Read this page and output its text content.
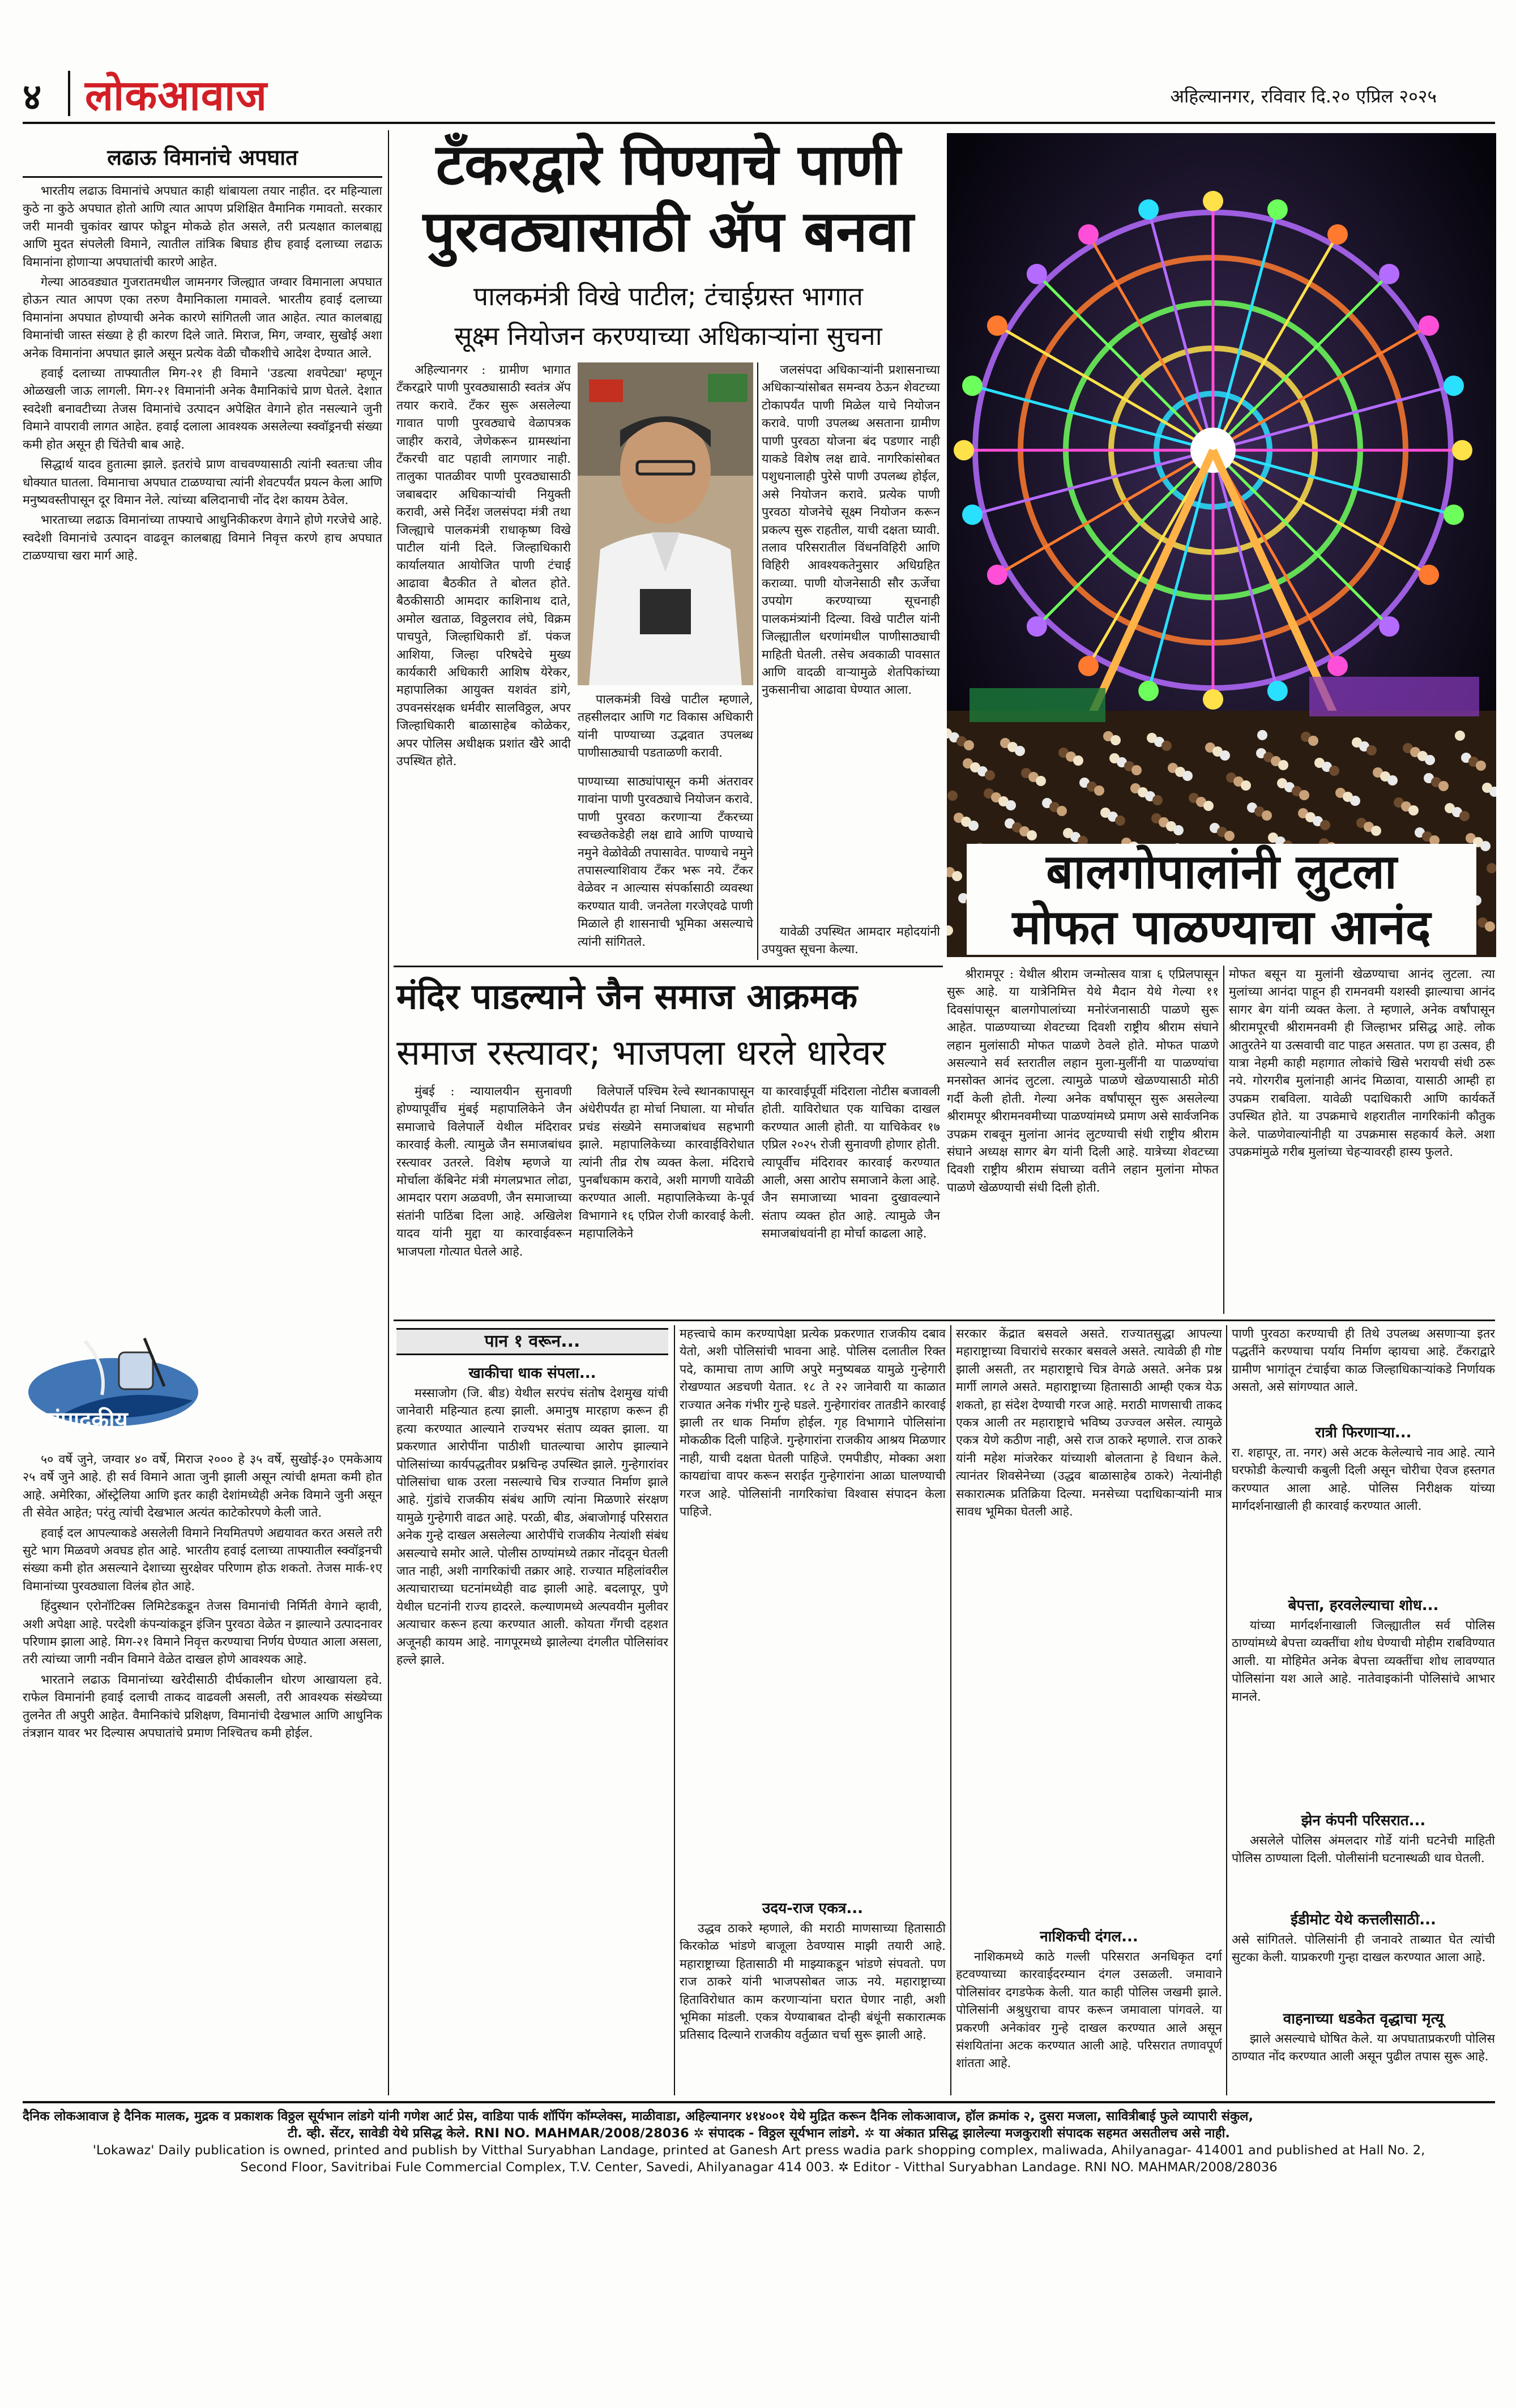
४ लोकआवाज	अहिल्यानगर, रविवार दि.२० एप्रिल २०२५
लढाऊ विमानांचे अपघात

भारतीय लढाऊ विमानांचे अपघात काही थांबायला तयार नाहीत. दर महिन्याला कुठे ना कुठे अपघात होतो आणि त्यात आपण प्रशिक्षित वैमानिक गमावतो. सरकार जरी मानवी चुकांवर खापर फोडून मोकळे होत असले, तरी प्रत्यक्षात कालबाह्य आणि मुदत संपलेली विमाने, त्यातील तांत्रिक बिघाड हीच हवाई दलाच्या लढाऊ विमानांना होणाऱ्या अपघातांची कारणे आहेत.

गेल्या आठवड्यात गुजरातमधील जामनगर जिल्ह्यात जग्वार विमानाला अपघात होऊन त्यात आपण एका तरुण वैमानिकाला गमावले. भारतीय हवाई दलाच्या विमानांना अपघात होण्याची अनेक कारणे सांगितली जात आहेत. त्यात कालबाह्य विमानांची जास्त संख्या हे ही कारण दिले जाते. मिराज, मिग, जग्वार, सुखोई अशा अनेक विमानांना अपघात झाले असून प्रत्येक वेळी चौकशीचे आदेश देण्यात आले.

हवाई दलाच्या ताफ्यातील मिग-२१ ही विमाने 'उडत्या शवपेट्या' म्हणून ओळखली जाऊ लागली. मिग-२१ विमानांनी अनेक वैमानिकांचे प्राण घेतले. देशात स्वदेशी बनावटीच्या तेजस विमानांचे उत्पादन अपेक्षित वेगाने होत नसल्याने जुनी विमाने वापरावी लागत आहेत. हवाई दलाला आवश्यक असलेल्या स्क्वॉड्रनची संख्या कमी होत असून ही चिंतेची बाब आहे.

सिद्धार्थ यादव हुतात्मा झाले. इतरांचे प्राण वाचवण्यासाठी त्यांनी स्वतःचा जीव धोक्यात घातला. विमानाचा अपघात टाळण्याचा त्यांनी शेवटपर्यंत प्रयत्न केला आणि मनुष्यवस्तीपासून दूर विमान नेले. त्यांच्या बलिदानाची नोंद देश कायम ठेवेल.

भारताच्या लढाऊ विमानांच्या ताफ्याचे आधुनिकीकरण वेगाने होणे गरजेचे आहे. स्वदेशी विमानांचे उत्पादन वाढवून कालबाह्य विमाने निवृत्त करणे हाच अपघात टाळण्याचा खरा मार्ग आहे.

संपादकीय

५० वर्षे जुने, जग्वार ४० वर्षे, मिराज २००० हे ३५ वर्षे, सुखोई-३० एमकेआय २५ वर्षे जुने आहे. ही सर्व विमाने आता जुनी झाली असून त्यांची क्षमता कमी होत आहे. अमेरिका, ऑस्ट्रेलिया आणि इतर काही देशांमध्येही अनेक विमाने जुनी असून ती सेवेत आहेत; परंतु त्यांची देखभाल अत्यंत काटेकोरपणे केली जाते.

हवाई दल आपल्याकडे असलेली विमाने नियमितपणे अद्ययावत करत असले तरी सुटे भाग मिळवणे अवघड होत आहे. भारतीय हवाई दलाच्या ताफ्यातील स्क्वॉड्रनची संख्या कमी होत असल्याने देशाच्या सुरक्षेवर परिणाम होऊ शकतो. तेजस मार्क-१ए विमानांच्या पुरवठ्याला विलंब होत आहे.

हिंदुस्थान एरोनॉटिक्स लिमिटेडकडून तेजस विमानांची निर्मिती वेगाने व्हावी, अशी अपेक्षा आहे. परदेशी कंपन्यांकडून इंजिन पुरवठा वेळेत न झाल्याने उत्पादनावर परिणाम झाला आहे. मिग-२१ विमाने निवृत्त करण्याचा निर्णय घेण्यात आला असला, तरी त्यांच्या जागी नवीन विमाने वेळेत दाखल होणे आवश्यक आहे.

भारताने लढाऊ विमानांच्या खरेदीसाठी दीर्घकालीन धोरण आखायला हवे. राफेल विमानांनी हवाई दलाची ताकद वाढवली असली, तरी आवश्यक संख्येच्या तुलनेत ती अपुरी आहेत. वैमानिकांचे प्रशिक्षण, विमानांची देखभाल आणि आधुनिक तंत्रज्ञान यावर भर दिल्यास अपघातांचे प्रमाण निश्चितच कमी होईल.

टँकरद्वारे पिण्याचे पाणी
पुरवठ्यासाठी ॲप बनवा
पालकमंत्री विखे पाटील; टंचाईग्रस्त भागात
सूक्ष्म नियोजन करण्याच्या अधिकाऱ्यांना सुचना
अहिल्यानगर : ग्रामीण भागात टँकरद्वारे पाणी पुरवठ्यासाठी स्वतंत्र ॲप तयार करावे. टँकर सुरू असलेल्या गावात पाणी पुरवठ्याचे वेळापत्रक जाहीर करावे, जेणेकरून ग्रामस्थांना टँकरची वाट पहावी लागणार नाही. तालुका पातळीवर पाणी पुरवठ्यासाठी जबाबदार अधिकाऱ्यांची नियुक्ती करावी, असे निर्देश जलसंपदा मंत्री तथा जिल्ह्याचे पालकमंत्री राधाकृष्ण विखे पाटील यांनी दिले. जिल्हाधिकारी कार्यालयात आयोजित पाणी टंचाई आढावा बैठकीत ते बोलत होते. बैठकीसाठी आमदार काशिनाथ दाते, अमोल खताळ, विठ्ठलराव लंघे, विक्रम पाचपुते, जिल्हाधिकारी डॉ. पंकज आशिया, जिल्हा परिषदेचे मुख्य कार्यकारी अधिकारी आशिष येरेकर, महापालिका आयुक्त यशवंत डांगे, उपवनसंरक्षक धर्मवीर सालविठ्ठल, अपर जिल्हाधिकारी बाळासाहेब कोळेकर, अपर पोलिस अधीक्षक प्रशांत खैरे आदी उपस्थित होते.
पालकमंत्री विखे पाटील म्हणाले, तहसीलदार आणि गट विकास अधिकारी यांनी पाण्याच्या उद्भवात उपलब्ध पाणीसाठ्याची पडताळणी करावी.
पाण्याच्या साठ्यांपासून कमी अंतरावर गावांना पाणी पुरवठ्याचे नियोजन करावे. पाणी पुरवठा करणाऱ्या टँकरच्या स्वच्छतेकडेही लक्ष द्यावे आणि पाण्याचे नमुने वेळोवेळी तपासावेत. पाण्याचे नमुने तपासल्याशिवाय टँकर भरू नये. टँकर वेळेवर न आल्यास संपर्कासाठी व्यवस्था करण्यात यावी. जनतेला गरजेएवढे पाणी मिळाले ही शासनाची भूमिका असल्याचे त्यांनी सांगितले.
जलसंपदा अधिकाऱ्यांनी प्रशासनाच्या अधिकाऱ्यांसोबत समन्वय ठेऊन शेवटच्या टोकापर्यंत पाणी मिळेल याचे नियोजन करावे. पाणी उपलब्ध असताना ग्रामीण पाणी पुरवठा योजना बंद पडणार नाही याकडे विशेष लक्ष द्यावे. नागरिकांसोबत पशुधनालाही पुरेसे पाणी उपलब्ध होईल, असे नियोजन करावे. प्रत्येक पाणी पुरवठा योजनेचे सूक्ष्म नियोजन करून प्रकल्प सुरू राहतील, याची दक्षता घ्यावी. तलाव परिसरातील विंधनविहिरी आणि विहिरी आवश्यकतेनुसार अधिग्रहित कराव्या. पाणी योजनेसाठी सौर ऊर्जेचा उपयोग करण्याच्या सूचनाही पालकमंत्र्यांनी दिल्या. विखे पाटील यांनी जिल्ह्यातील धरणांमधील पाणीसाठ्याची माहिती घेतली. तसेच अवकाळी पावसात आणि वादळी वाऱ्यामुळे शेतपिकांच्या नुकसानीचा आढावा घेण्यात आला.
यावेळी उपस्थित आमदार महोदयांनी उपयुक्त सूचना केल्या.
बालगोपालांनी लुटला
मोफत पाळण्याचा आनंद
मंदिर पाडल्याने जैन समाज आक्रमक
समाज रस्त्यावर; भाजपला धरले धारेवर
मुंबई : न्यायालयीन सुनावणी होण्यापूर्वीच मुंबई महापालिकेने जैन समाजाचे विलेपार्ले येथील मंदिरावर कारवाई केली. त्यामुळे जैन समाजबांधव रस्त्यावर उतरले. विशेष म्हणजे या मोर्चाला कॅबिनेट मंत्री मंगलप्रभात लोढा, आमदार पराग अळवणी, जैन समाजाच्या संतांनी पाठिंबा दिला आहे. अखिलेश यादव यांनी मुद्दा या कारवाईवरून भाजपला गोत्यात घेतले आहे.
विलेपार्ले पश्चिम रेल्वे स्थानकापासून अंधेरीपर्यंत हा मोर्चा निघाला. या मोर्चात प्रचंड संख्येने समाजबांधव सहभागी झाले. महापालिकेच्या कारवाईविरोधात त्यांनी तीव्र रोष व्यक्त केला. मंदिराचे पुनर्बांधकाम करावे, अशी मागणी यावेळी करण्यात आली. महापालिकेच्या के-पूर्व विभागाने १६ एप्रिल रोजी कारवाई केली. महापालिकेने
या कारवाईपूर्वी मंदिराला नोटीस बजावली होती. याविरोधात एक याचिका दाखल करण्यात आली होती. या याचिकेवर १७ एप्रिल २०२५ रोजी सुनावणी होणार होती. त्यापूर्वीच मंदिरावर कारवाई करण्यात आली, असा आरोप समाजाने केला आहे. जैन समाजाच्या भावना दुखावल्याने संताप व्यक्त होत आहे. त्यामुळे जैन समाजबांधवांनी हा मोर्चा काढला आहे.
श्रीरामपूर : येथील श्रीराम जन्मोत्सव यात्रा ६ एप्रिलपासून सुरू आहे. या यात्रेनिमित्त येथे मैदान येथे गेल्या ११ दिवसांपासून बालगोपालांच्या मनोरंजनासाठी पाळणे सुरू आहेत. पाळण्याच्या शेवटच्या दिवशी राष्ट्रीय श्रीराम संघाने लहान मुलांसाठी मोफत पाळणे ठेवले होते. मोफत पाळणे असल्याने सर्व स्तरातील लहान मुला-मुलींनी या पाळण्यांचा मनसोक्त आनंद लुटला. त्यामुळे पाळणे खेळण्यासाठी मोठी गर्दी केली होती. गेल्या अनेक वर्षांपासून सुरू असलेल्या श्रीरामपूर श्रीरामनवमीच्या पाळण्यांमध्ये प्रमाण असे सार्वजनिक उपक्रम राबवून मुलांना आनंद लुटण्याची संधी राष्ट्रीय श्रीराम संघाने अध्यक्ष सागर बेग यांनी दिली आहे. यात्रेच्या शेवटच्या दिवशी राष्ट्रीय श्रीराम संघाच्या वतीने लहान मुलांना मोफत पाळणे खेळण्याची संधी दिली होती.
मोफत बसून या मुलांनी खेळण्याचा आनंद लुटला. त्या मुलांच्या आनंदा पाहून ही रामनवमी यशस्वी झाल्याचा आनंद सागर बेग यांनी व्यक्त केला. ते म्हणाले, अनेक वर्षांपासून श्रीरामपूरची श्रीरामनवमी ही जिल्हाभर प्रसिद्ध आहे. लोक आतुरतेने या उत्सवाची वाट पाहत असतात. पण हा उत्सव, ही यात्रा नेहमी काही महागात लोकांचे खिसे भरायची संधी ठरू नये. गोरगरीब मुलांनाही आनंद मिळावा, यासाठी आम्ही हा उपक्रम राबविला. यावेळी पदाधिकारी आणि कार्यकर्ते उपस्थित होते. या उपक्रमाचे शहरातील नागरिकांनी कौतुक केले. पाळणेवाल्यांनीही या उपक्रमास सहकार्य केले. अशा उपक्रमांमुळे गरीब मुलांच्या चेहऱ्यावरही हास्य फुलते.
पान १ वरून...
खाकीचा धाक संपला...
मस्साजोग (जि. बीड) येथील सरपंच संतोष देशमुख यांची जानेवारी महिन्यात हत्या झाली. अमानुष मारहाण करून ही हत्या करण्यात आल्याने राज्यभर संताप व्यक्त झाला. या प्रकरणात आरोपींना पाठीशी घातल्याचा आरोप झाल्याने पोलिसांच्या कार्यपद्धतीवर प्रश्नचिन्ह उपस्थित झाले. गुन्हेगारांवर पोलिसांचा धाक उरला नसल्याचे चित्र राज्यात निर्माण झाले आहे. गुंडांचे राजकीय संबंध आणि त्यांना मिळणारे संरक्षण यामुळे गुन्हेगारी वाढत आहे. परळी, बीड, अंबाजोगाई परिसरात अनेक गुन्हे दाखल असलेल्या आरोपींचे राजकीय नेत्यांशी संबंध असल्याचे समोर आले. पोलीस ठाण्यांमध्ये तक्रार नोंदवून घेतली जात नाही, अशी नागरिकांची तक्रार आहे. राज्यात महिलांवरील अत्याचाराच्या घटनांमध्येही वाढ झाली आहे. बदलापूर, पुणे येथील घटनांनी राज्य हादरले. कल्याणमध्ये अल्पवयीन मुलीवर अत्याचार करून हत्या करण्यात आली. कोयता गँगची दहशत अजूनही कायम आहे. नागपूरमध्ये झालेल्या दंगलीत पोलिसांवर हल्ले झाले.
महत्त्वाचे काम करण्यापेक्षा प्रत्येक प्रकरणात राजकीय दबाव येतो, अशी पोलिसांची भावना आहे. पोलिस दलातील रिक्त पदे, कामाचा ताण आणि अपुरे मनुष्यबळ यामुळे गुन्हेगारी रोखण्यात अडचणी येतात. १८ ते २२ जानेवारी या काळात राज्यात अनेक गंभीर गुन्हे घडले. गुन्हेगारांवर तातडीने कारवाई झाली तर धाक निर्माण होईल. गृह विभागाने पोलिसांना मोकळीक दिली पाहिजे. गुन्हेगारांना राजकीय आश्रय मिळणार नाही, याची दक्षता घेतली पाहिजे. एमपीडीए, मोक्का अशा कायद्यांचा वापर करून सराईत गुन्हेगारांना आळा घालण्याची गरज आहे. पोलिसांनी नागरिकांचा विश्वास संपादन केला पाहिजे.
उदय-राज एकत्र...
उद्धव ठाकरे म्हणाले, की मराठी माणसाच्या हितासाठी किरकोळ भांडणे बाजूला ठेवण्यास माझी तयारी आहे. महाराष्ट्राच्या हितासाठी मी माझ्याकडून भांडणे संपवतो. पण राज ठाकरे यांनी भाजपसोबत जाऊ नये. महाराष्ट्राच्या हिताविरोधात काम करणाऱ्यांना घरात घेणार नाही, अशी भूमिका मांडली. एकत्र येण्याबाबत दोन्ही बंधूंनी सकारात्मक प्रतिसाद दिल्याने राजकीय वर्तुळात चर्चा सुरू झाली आहे.
सरकार केंद्रात बसवले असते. राज्यातसुद्धा आपल्या महाराष्ट्राच्या विचारांचे सरकार बसवले असते. त्यावेळी ही गोष्ट झाली असती, तर महाराष्ट्राचे चित्र वेगळे असते. अनेक प्रश्न मार्गी लागले असते. महाराष्ट्राच्या हितासाठी आम्ही एकत्र येऊ शकतो, हा संदेश देण्याची गरज आहे. मराठी माणसाची ताकद एकत्र आली तर महाराष्ट्राचे भविष्य उज्ज्वल असेल. त्यामुळे एकत्र येणे कठीण नाही, असे राज ठाकरे म्हणाले. राज ठाकरे यांनी महेश मांजरेकर यांच्याशी बोलताना हे विधान केले. त्यानंतर शिवसेनेच्या (उद्धव बाळासाहेब ठाकरे) नेत्यांनीही सकारात्मक प्रतिक्रिया दिल्या. मनसेच्या पदाधिकाऱ्यांनी मात्र सावध भूमिका घेतली आहे.
नाशिकची दंगल...
नाशिकमध्ये काठे गल्ली परिसरात अनधिकृत दर्गा हटवण्याच्या कारवाईदरम्यान दंगल उसळली. जमावाने पोलिसांवर दगडफेक केली. यात काही पोलिस जखमी झाले. पोलिसांनी अश्रुधुराचा वापर करून जमावाला पांगवले. या प्रकरणी अनेकांवर गुन्हे दाखल करण्यात आले असून संशयितांना अटक करण्यात आली आहे. परिसरात तणावपूर्ण शांतता आहे.
पाणी पुरवठा करण्याची ही तिथे उपलब्ध असणाऱ्या इतर पद्धतींने करण्याचा पर्याय निर्माण व्हायचा आहे. टँकराद्वारे ग्रामीण भागांतून टंचाईचा काळ जिल्हाधिकाऱ्यांकडे निर्णायक असतो, असे सांगण्यात आले.
रात्री फिरणाऱ्या...
रा. शहापूर, ता. नगर) असे अटक केलेल्याचे नाव आहे. त्याने घरफोडी केल्याची कबुली दिली असून चोरीचा ऐवज हस्तगत करण्यात आला आहे. पोलिस निरीक्षक यांच्या मार्गदर्शनाखाली ही कारवाई करण्यात आली.
बेपत्ता, हरवलेल्याचा शोध...
यांच्या मार्गदर्शनाखाली जिल्ह्यातील सर्व पोलिस ठाण्यांमध्ये बेपत्ता व्यक्तींचा शोध घेण्याची मोहीम राबविण्यात आली. या मोहिमेत अनेक बेपत्ता व्यक्तींचा शोध लावण्यात पोलिसांना यश आले आहे. नातेवाइकांनी पोलिसांचे आभार मानले.
झेन कंपनी परिसरात...
असलेले पोलिस अंमलदार गोर्डे यांनी घटनेची माहिती पोलिस ठाण्याला दिली. पोलीसांनी घटनास्थळी धाव घेतली.
ईडीमोट येथे कत्तलीसाठी...
असे सांगितले. पोलिसांनी ही जनावरे ताब्यात घेत त्यांची सुटका केली. याप्रकरणी गुन्हा दाखल करण्यात आला आहे.
वाहनाच्या धडकेत वृद्धाचा मृत्यू
झाले असल्याचे घोषित केले. या अपघाताप्रकरणी पोलिस ठाण्यात नोंद करण्यात आली असून पुढील तपास सुरू आहे.
दैनिक लोकआवाज हे दैनिक मालक, मुद्रक व प्रकाशक विठ्ठल सूर्यभान लांडगे यांनी गणेश आर्ट प्रेस, वाडिया पार्क शॉपिंग कॉम्प्लेक्स, माळीवाडा, अहिल्यानगर ४१४००१ येथे मुद्रित करून दैनिक लोकआवाज, हॉल क्रमांक २, दुसरा मजला, सावित्रीबाई फुले व्यापारी संकुल,
टी. व्ही. सेंटर, सावेडी येथे प्रसिद्ध केले. RNI NO. MAHMAR/2008/28036 ✲ संपादक - विठ्ठल सूर्यभान लांडगे. ✲ या अंकात प्रसिद्ध झालेल्या मजकुराशी संपादक सहमत असतीलच असे नाही.
'Lokawaz' Daily publication is owned, printed and publish by Vitthal Suryabhan Landage, printed at Ganesh Art press wadia park shopping complex, maliwada, Ahilyanagar- 414001 and published at Hall No. 2,
Second Floor, Savitribai Fule Commercial Complex, T.V. Center, Savedi, Ahilyanagar 414 003. ✲ Editor - Vitthal Suryabhan Landage. RNI NO. MAHMAR/2008/28036
